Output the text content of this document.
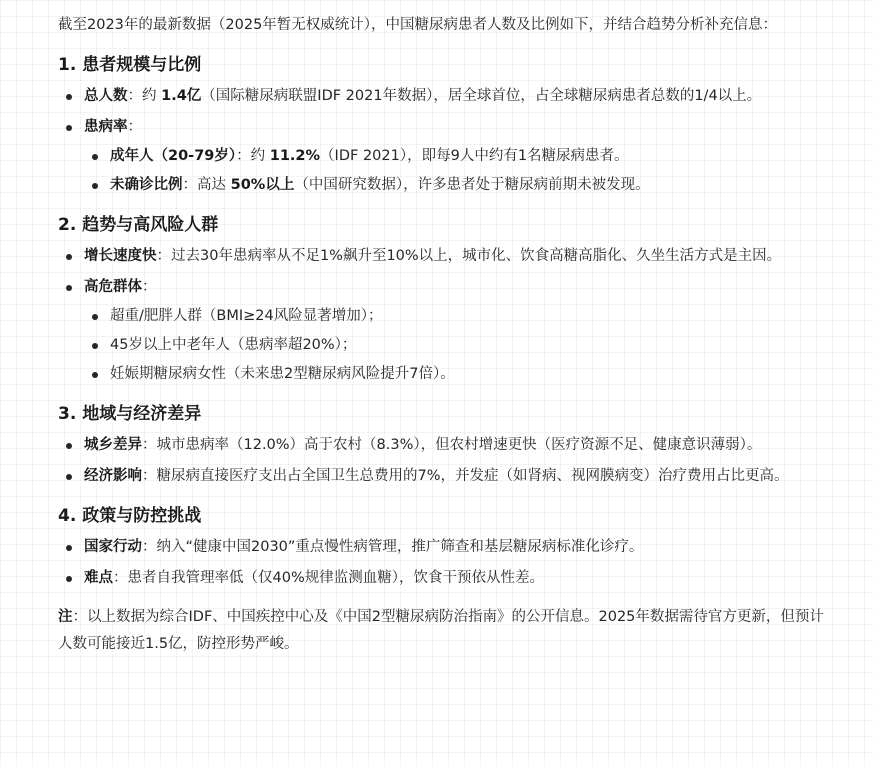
截至2023年的最新数据（2025年暂无权威统计），中国糖尿病患者人数及比例如下，并结合趋势分析补充信息：

1. 患者规模与比例
总人数：约 1.4亿（国际糖尿病联盟IDF 2021年数据），居全球首位，占全球糖尿病患者总数的1/4以上。
患病率：
成年人（20-79岁）：约 11.2%（IDF 2021），即每9人中约有1名糖尿病患者。
未确诊比例：高达 50%以上（中国研究数据），许多患者处于糖尿病前期未被发现。
2. 趋势与高风险人群
增长速度快：过去30年患病率从不足1%飙升至10%以上，城市化、饮食高糖高脂化、久坐生活方式是主因。
高危群体：
超重/肥胖人群（BMI≥24风险显著增加）；
45岁以上中老年人（患病率超20%）；
妊娠期糖尿病女性（未来患2型糖尿病风险提升7倍）。
3. 地域与经济差异
城乡差异：城市患病率（12.0%）高于农村（8.3%），但农村增速更快（医疗资源不足、健康意识薄弱）。
经济影响：糖尿病直接医疗支出占全国卫生总费用的7%，并发症（如肾病、视网膜病变）治疗费用占比更高。
4. 政策与防控挑战
国家行动：纳入“健康中国2030”重点慢性病管理，推广筛查和基层糖尿病标准化诊疗。
难点：患者自我管理率低（仅40%规律监测血糖），饮食干预依从性差。

注：以上数据为综合IDF、中国疾控中心及《中国2型糖尿病防治指南》的公开信息。2025年数据需待官方更新，但预计人数可能接近1.5亿，防控形势严峻。
